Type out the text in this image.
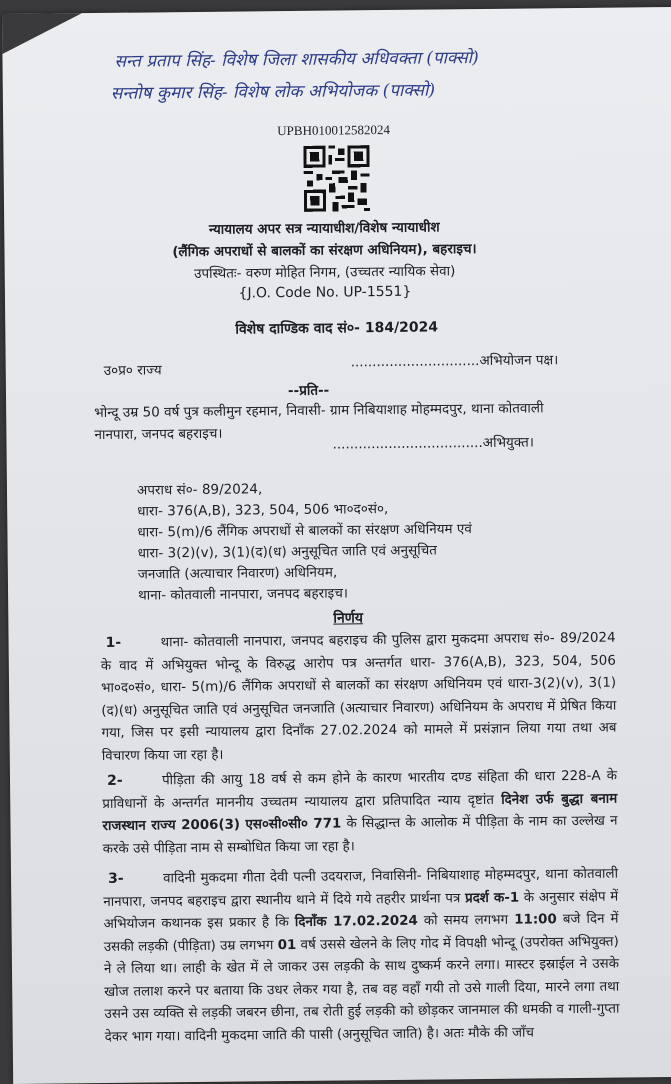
सन्त प्रताप सिंह- विशेष जिला शासकीय अधिवक्ता (पाक्सो)
सन्तोष कुमार सिंह- विशेष लोक अभियोजक (पाक्सो)
UPBH010012582024
न्यायालय अपर सत्र न्यायाधीश/विशेष न्यायाधीश
(लैंगिक अपराधों से बालकों का संरक्षण अधिनियम), बहराइच।
उपस्थितः- वरुण मोहित निगम, (उच्चतर न्यायिक सेवा)
{J.O. Code No. UP-1551}
विशेष दाण्डिक वाद सं०- 184/2024
उ०प्र० राज्य
..............................अभियोजन पक्ष।
--प्रति--
भोन्दू उम्र 50 वर्ष पुत्र कलीमुन रहमान, निवासी- ग्राम निबियाशाह मोहम्मदपुर, थाना कोतवाली
नानपारा, जनपद बहराइच।
...................................अभियुक्त।
अपराध सं०- 89/2024,
धारा- 376(A,B), 323, 504, 506 भा०द०सं०,
धारा- 5(m)/6 लैंगिक अपराधों से बालकों का संरक्षण अधिनियम एवं
धारा- 3(2)(v), 3(1)(द)(ध) अनुसूचित जाति एवं अनुसूचित
जनजाति (अत्याचार निवारण) अधिनियम,
थाना- कोतवाली नानपारा, जनपद बहराइच।
निर्णय
1-	थाना- कोतवाली नानपारा, जनपद बहराइच की पुलिस द्वारा मुकदमा अपराध सं०- 89/2024 के वाद में अभियुक्त भोन्दू के विरुद्ध आरोप पत्र अन्तर्गत धारा- 376(A,B), 323, 504, 506 भा०द०सं०, धारा- 5(m)/6 लैंगिक अपराधों से बालकों का संरक्षण अधिनियम एवं धारा-3(2)(v), 3(1)(द)(ध) अनुसूचित जाति एवं अनुसूचित जनजाति (अत्याचार निवारण) अधिनियम के अपराध में प्रेषित किया गया, जिस पर इसी न्यायालय द्वारा दिनाँक 27.02.2024 को मामले में प्रसंज्ञान लिया गया तथा अब विचारण किया जा रहा है।
2-	पीड़िता की आयु 18 वर्ष से कम होने के कारण भारतीय दण्ड संहिता की धारा 228-A के प्राविधानों के अन्तर्गत माननीय उच्चतम न्यायालय द्वारा प्रतिपादित न्याय दृष्टांत दिनेश उर्फ बुद्धा बनाम राजस्थान राज्य 2006(3) एस०सी०सी० 771 के सिद्धान्त के आलोक में पीड़िता के नाम का उल्लेख न करके उसे पीड़िता नाम से सम्बोधित किया जा रहा है।
3-	वादिनी मुकदमा गीता देवी पत्नी उदयराज, निवासिनी- निबियाशाह मोहम्मदपुर, थाना कोतवाली नानपारा, जनपद बहराइच द्वारा स्थानीय थाने में दिये गये तहरीर प्रार्थना पत्र प्रदर्श क-1 के अनुसार संक्षेप में अभियोजन कथानक इस प्रकार है कि दिनाँक 17.02.2024 को समय लगभग 11:00 बजे दिन में उसकी लड़की (पीड़िता) उम्र लगभग 01 वर्ष उससे खेलने के लिए गोद में विपक्षी भोन्दू (उपरोक्त अभियुक्त) ने ले लिया था। लाही के खेत में ले जाकर उस लड़की के साथ दुष्कर्म करने लगा। मास्टर इस्राईल ने उसके खोज तलाश करने पर बताया कि उधर लेकर गया है, तब वह वहाँ गयी तो उसे गाली दिया, मारने लगा तथा उसने उस व्यक्ति से लड़की जबरन छीना, तब रोती हुई लड़की को छोड़कर जानमाल की धमकी व गाली-गुप्ता देकर भाग गया। वादिनी मुकदमा जाति की पासी (अनुसूचित जाति) है। अतः मौके की जाँच
